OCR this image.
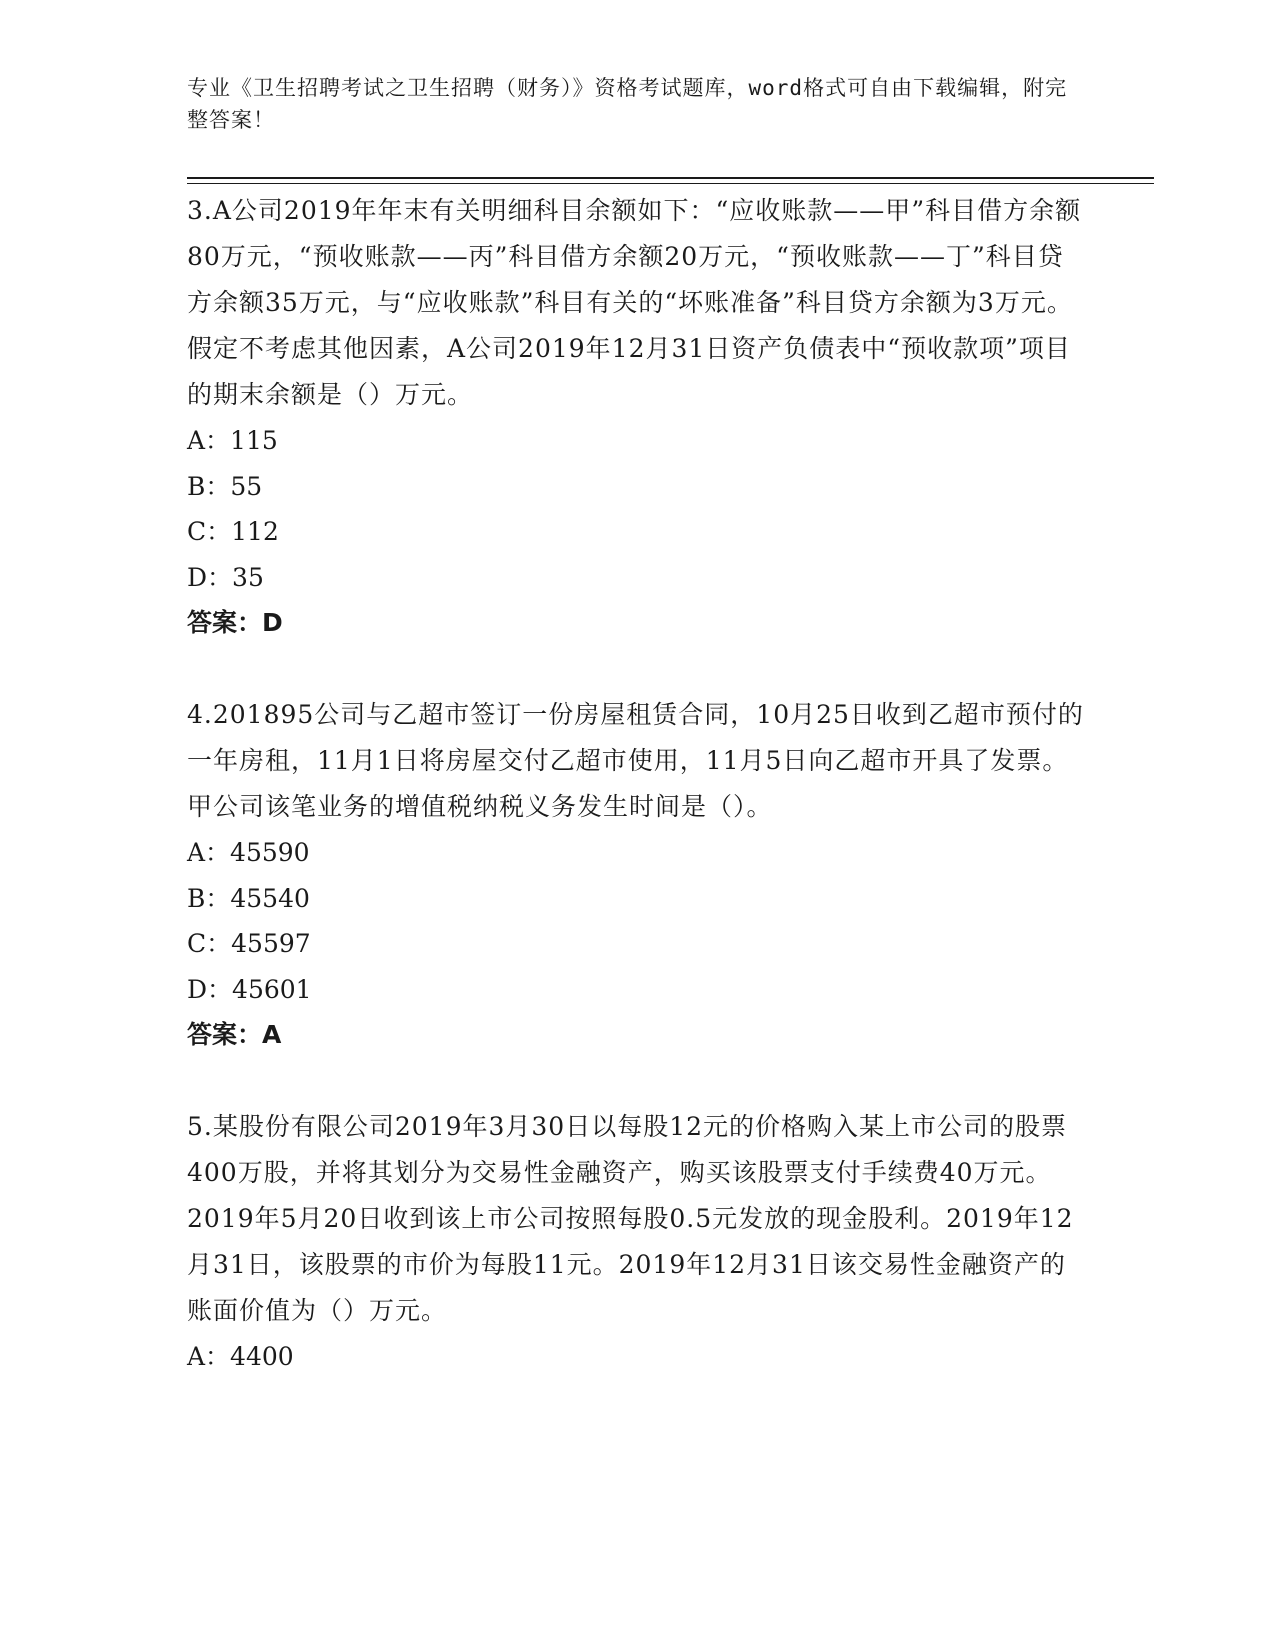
专业《卫生招聘考试之卫生招聘（财务）》资格考试题库，word格式可自由下载编辑，附完整答案！

3.A公司2019年年末有关明细科目余额如下：“应收账款——甲”科目借方余额80万元，“预收账款——丙”科目借方余额20万元，“预收账款——丁”科目贷方余额35万元，与“应收账款”科目有关的“坏账准备”科目贷方余额为3万元。假定不考虑其他因素，A公司2019年12月31日资产负债表中“预收款项”项目的期末余额是（）万元。

A：115

B：55

C：112

D：35

答案：D

4.201895公司与乙超市签订一份房屋租赁合同，10月25日收到乙超市预付的一年房租，11月1日将房屋交付乙超市使用，11月5日向乙超市开具了发票。甲公司该笔业务的增值税纳税义务发生时间是（）。

A：45590

B：45540

C：45597

D：45601

答案：A

5.某股份有限公司2019年3月30日以每股12元的价格购入某上市公司的股票400万股，并将其划分为交易性金融资产，购买该股票支付手续费40万元。2019年5月20日收到该上市公司按照每股0.5元发放的现金股利。2019年12月31日，该股票的市价为每股11元。2019年12月31日该交易性金融资产的账面价值为（）万元。

A：4400
